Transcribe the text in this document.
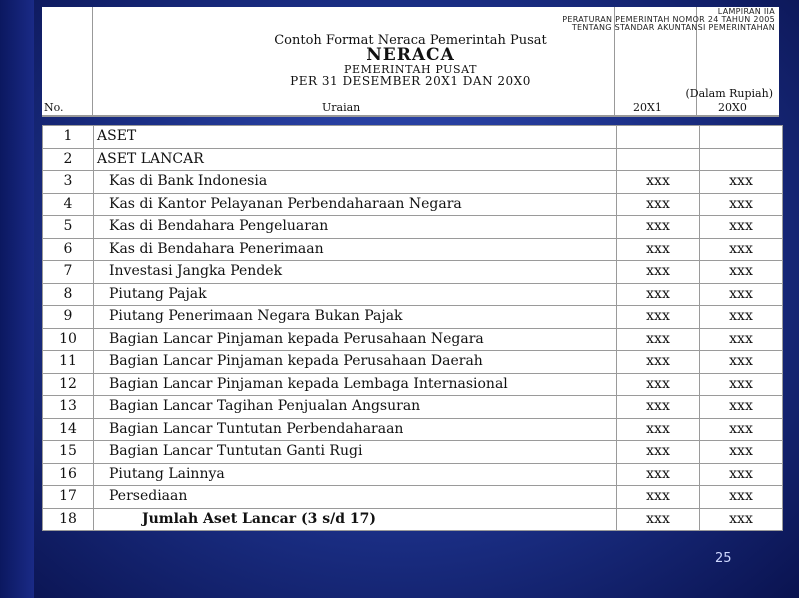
LAMPIRAN IIA
PERATURAN PEMERINTAH NOMOR 24 TAHUN 2005
TENTANG STANDAR AKUNTANSI PEMERINTAHAN
Contoh Format Neraca Pemerintah Pusat
NERACA
PEMERINTAH PUSAT
PER 31 DESEMBER 20X1 DAN 20X0
(Dalam Rupiah)
No.	Uraian	20X1	20X0
1	ASET		
2	ASET LANCAR		
3	Kas di Bank Indonesia	xxx	xxx
4	Kas di Kantor Pelayanan Perbendaharaan Negara	xxx	xxx
5	Kas di Bendahara Pengeluaran	xxx	xxx
6	Kas di Bendahara Penerimaan	xxx	xxx
7	Investasi Jangka Pendek	xxx	xxx
8	Piutang Pajak	xxx	xxx
9	Piutang Penerimaan Negara Bukan Pajak	xxx	xxx
10	Bagian Lancar Pinjaman kepada Perusahaan Negara	xxx	xxx
11	Bagian Lancar Pinjaman kepada Perusahaan Daerah	xxx	xxx
12	Bagian Lancar Pinjaman kepada Lembaga Internasional	xxx	xxx
13	Bagian Lancar Tagihan Penjualan Angsuran	xxx	xxx
14	Bagian Lancar Tuntutan Perbendaharaan	xxx	xxx
15	Bagian Lancar Tuntutan Ganti Rugi	xxx	xxx
16	Piutang Lainnya	xxx	xxx
17	Persediaan	xxx	xxx
18	Jumlah Aset Lancar (3 s/d 17)	xxx	xxx
25
